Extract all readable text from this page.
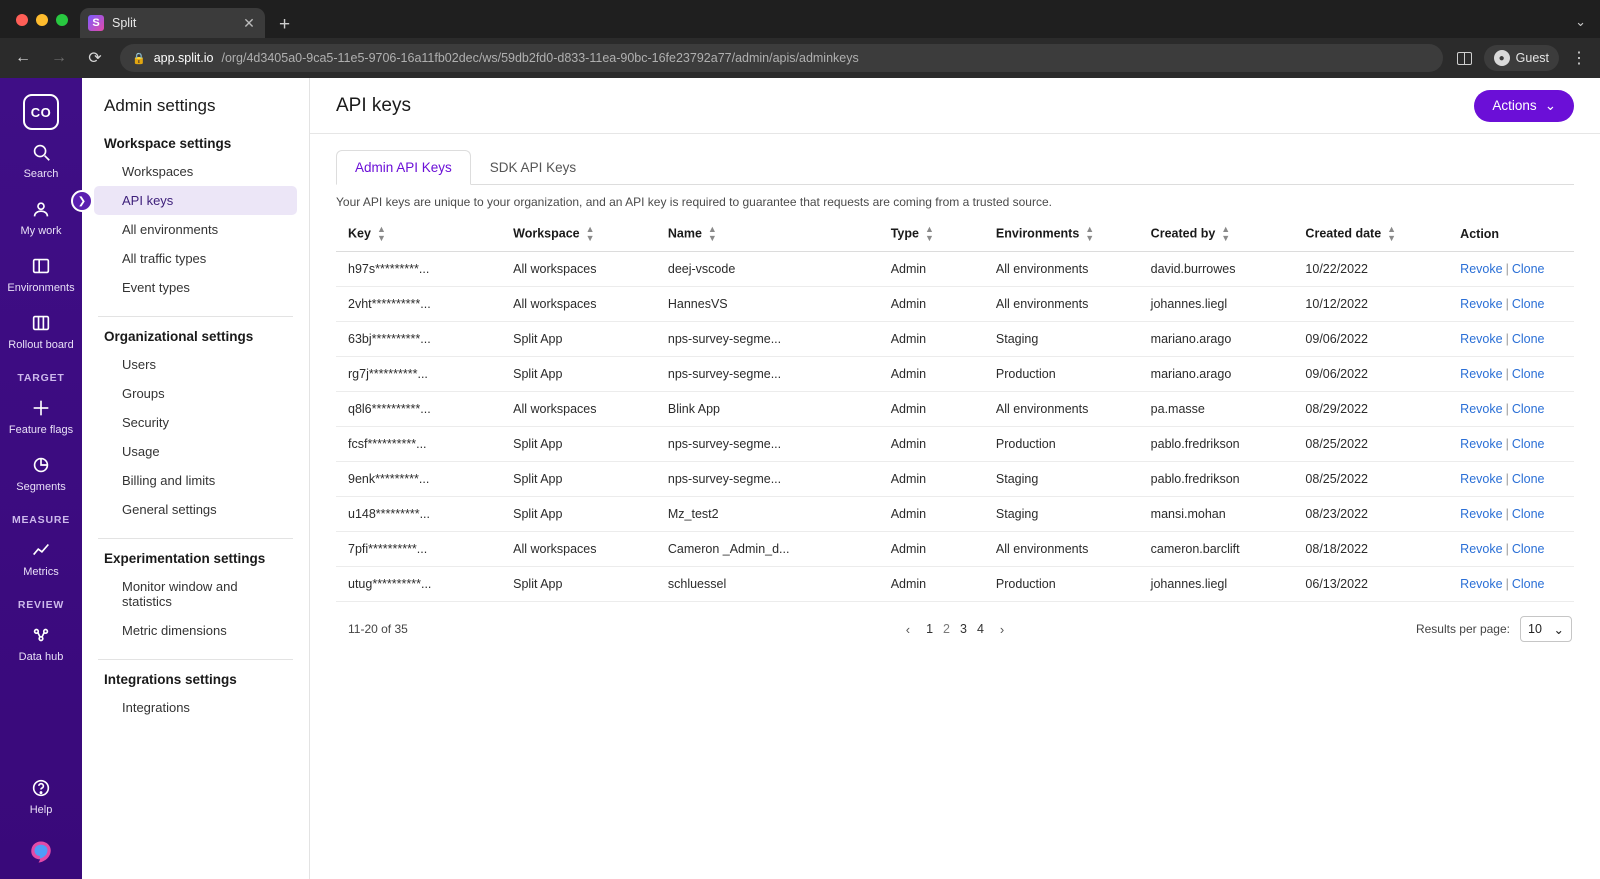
S Split	✕ +	⌄
← → ⟳	🔒 app.split.io /org/4d3405a0-9ca5-11e5-9706-16a11fb02dec/ws/59db2fd0-d833-11ea-90bc-16fe23792a77/admin/apis/adminkeys	● Guest ⋮
CO
❯
Search
My work
Environments
Rollout board
TARGET
Feature flags
Segments
MEASURE
Metrics
REVIEW
Data hub
Help
Admin settings
Workspace settings
Workspaces
API keys
All environments
All traffic types
Event types
Organizational settings
Users
Groups
Security
Usage
Billing and limits
General settings
Experimentation settings
Monitor window and statistics
Metric dimensions
Integrations settings
Integrations
API keys	Actions ⌄
Admin API Keys	SDK API Keys
Your API keys are unique to your organization, and an API key is required to guarantee that requests are coming from a trusted source.
Key ▲
▼	Workspace ▲
▼	Name ▲
▼	Type ▲
▼	Environments ▲
▼	Created by ▲
▼	Created date ▲
▼	Action
h97s*********...	All workspaces	deej-vscode	Admin	All environments	david.burrowes	10/22/2022	Revoke | Clone
2vht**********...	All workspaces	HannesVS	Admin	All environments	johannes.liegl	10/12/2022	Revoke | Clone
63bj**********...	Split App	nps-survey-segme...	Admin	Staging	mariano.arago	09/06/2022	Revoke | Clone
rg7j**********...	Split App	nps-survey-segme...	Admin	Production	mariano.arago	09/06/2022	Revoke | Clone
q8l6**********...	All workspaces	Blink App	Admin	All environments	pa.masse	08/29/2022	Revoke | Clone
fcsf**********...	Split App	nps-survey-segme...	Admin	Production	pablo.fredrikson	08/25/2022	Revoke | Clone
9enk*********...	Split App	nps-survey-segme...	Admin	Staging	pablo.fredrikson	08/25/2022	Revoke | Clone
u148*********...	Split App	Mz_test2	Admin	Staging	mansi.mohan	08/23/2022	Revoke | Clone
7pfi**********...	All workspaces	Cameron _Admin_d...	Admin	All environments	cameron.barclift	08/18/2022	Revoke | Clone
utug**********...	Split App	schluessel	Admin	Production	johannes.liegl	06/13/2022	Revoke | Clone
11-20 of 35	‹	1 2 3 4	›	Results per page: 10 ⌄
